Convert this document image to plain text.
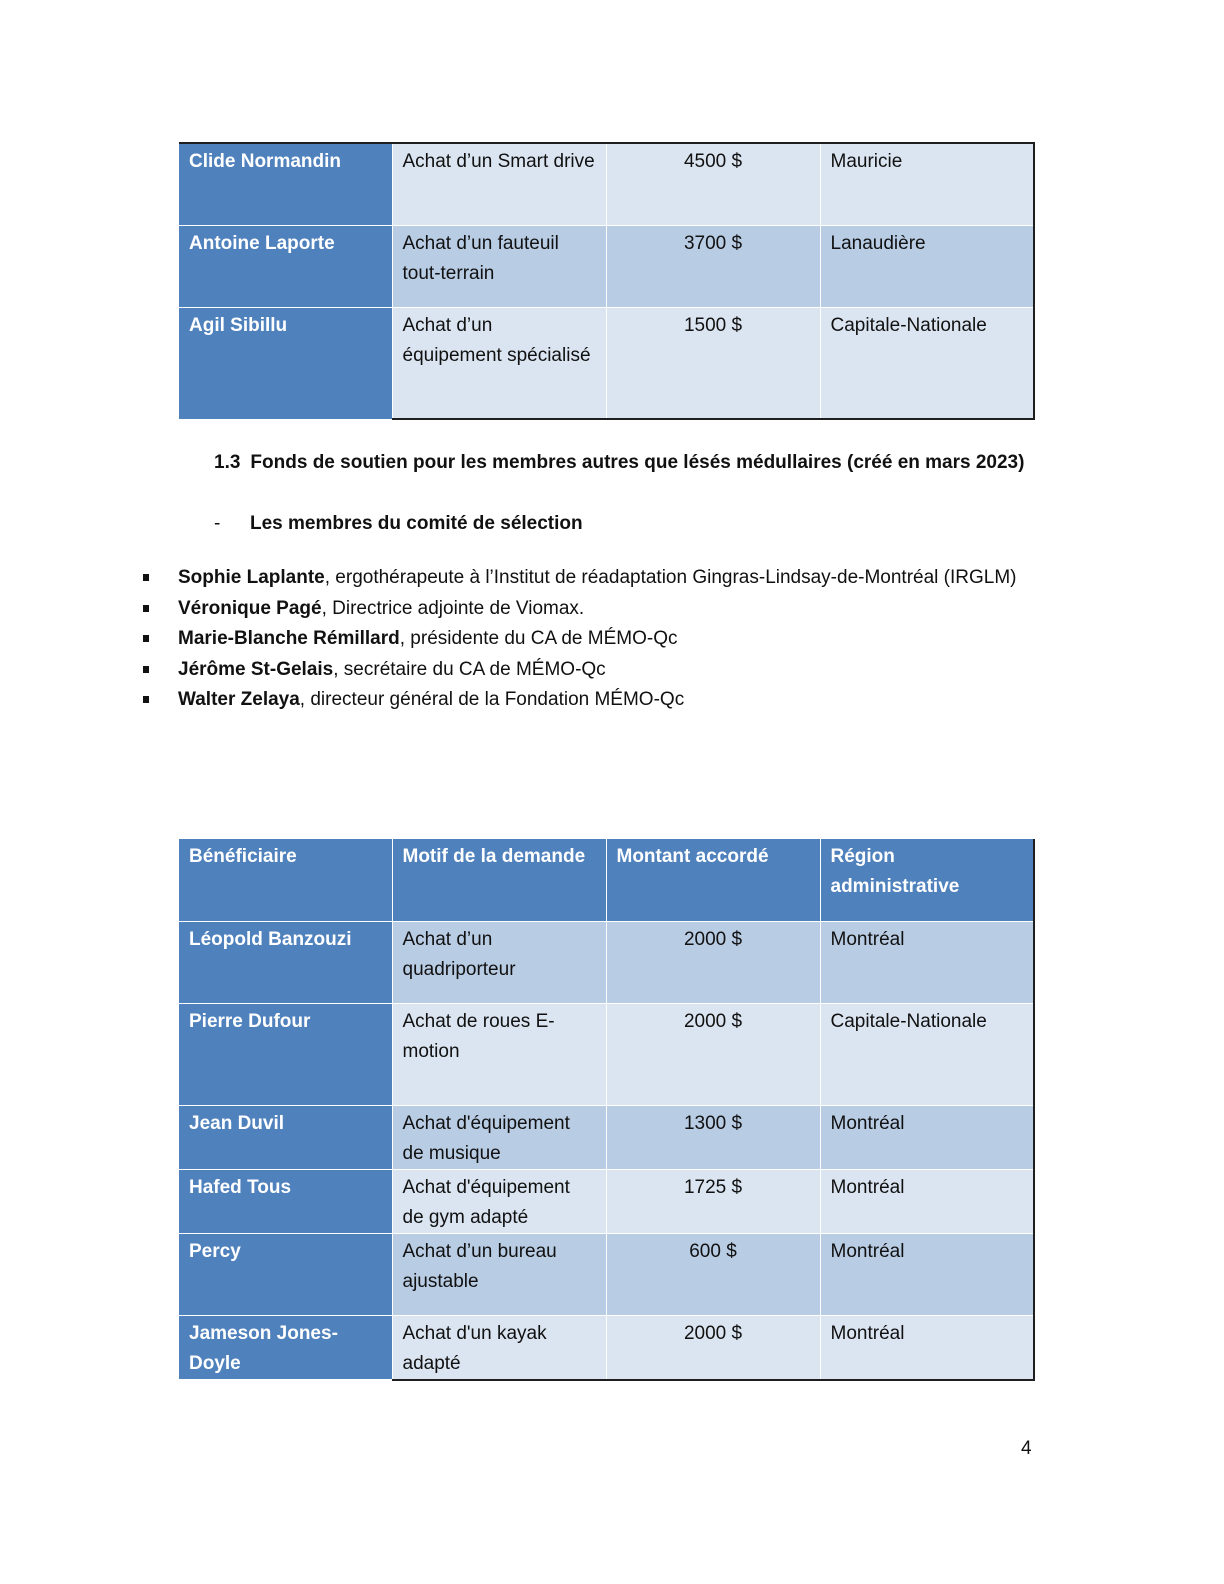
Clide Normandin	Achat d’un Smart drive	4500 $	Mauricie
Antoine Laporte	Achat d’un fauteuil tout-terrain	3700 $	Lanaudière
Agil Sibillu	Achat d’un équipement spécialisé	1500 $	Capitale-Nationale
1.3 Fonds de soutien pour les membres autres que lésés médullaires (créé en mars 2023)
- Les membres du comité de sélection
Sophie Laplante, ergothérapeute à l’Institut de réadaptation Gingras-Lindsay-de-Montréal (IRGLM)
Véronique Pagé, Directrice adjointe de Viomax.
Marie-Blanche Rémillard, présidente du CA de MÉMO-Qc
Jérôme St-Gelais, secrétaire du CA de MÉMO-Qc
Walter Zelaya, directeur général de la Fondation MÉMO-Qc
Bénéficiaire	Motif de la demande	Montant accordé	Région administrative
Léopold Banzouzi	Achat d’un quadriporteur	2000 $	Montréal
Pierre Dufour	Achat de roues E-motion	2000 $	Capitale-Nationale
Jean Duvil	Achat d'équipement de musique	1300 $	Montréal
Hafed Tous	Achat d'équipement de gym adapté	1725 $	Montréal
Percy	Achat d’un bureau ajustable	600 $	Montréal
Jameson Jones-Doyle	Achat d'un kayak adapté	2000 $	Montréal
4
